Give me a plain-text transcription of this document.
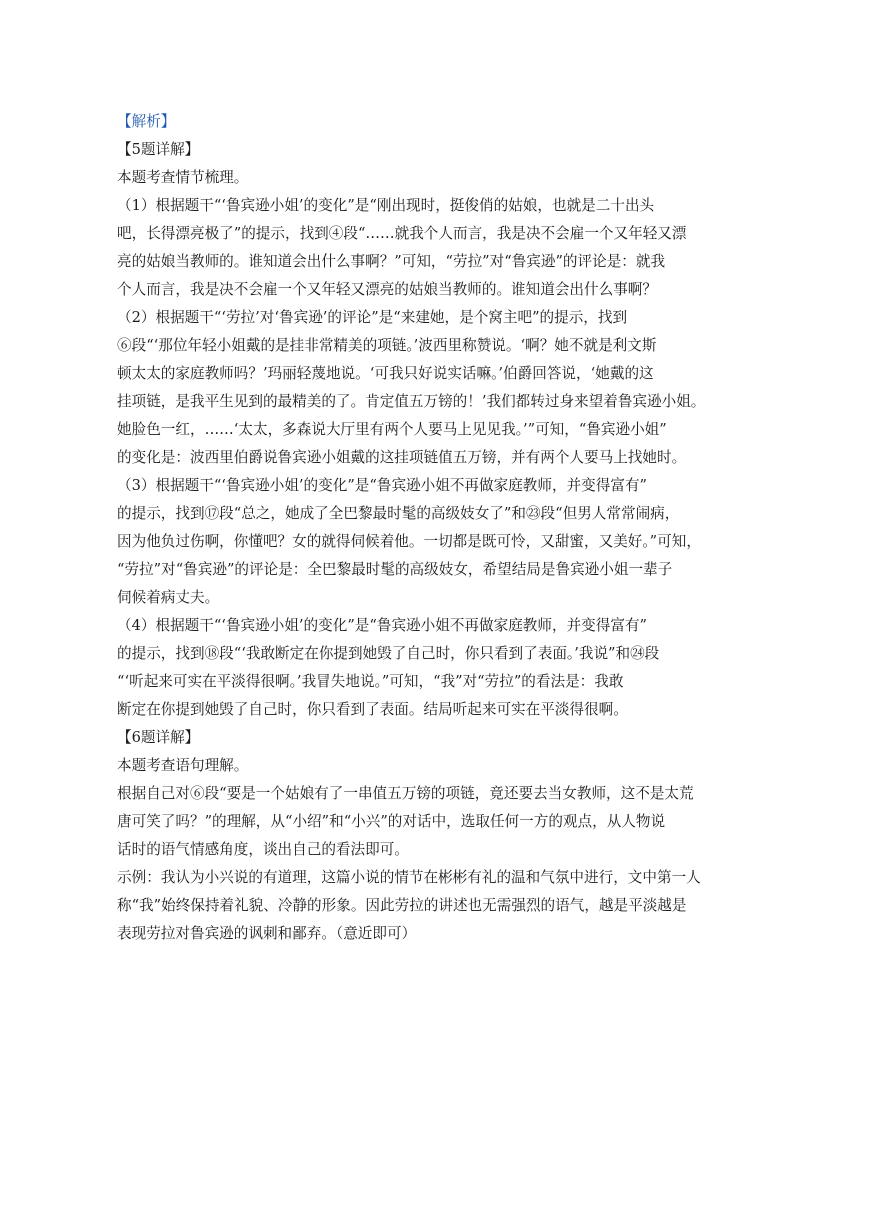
【解析】

【5题详解】

本题考查情节梳理。

（1）根据题干“‘鲁宾逊小姐’的变化”是“刚出现时，挺俊俏的姑娘，也就是二十出头

吧，长得漂亮极了”的提示，找到④段“……就我个人而言，我是决不会雇一个又年轻又漂

亮的姑娘当教师的。谁知道会出什么事啊？”可知，“劳拉”对“鲁宾逊”的评论是：就我

个人而言，我是决不会雇一个又年轻又漂亮的姑娘当教师的。谁知道会出什么事啊？

（2）根据题干“‘劳拉’对‘鲁宾逊’的评论”是“来建她，是个窝主吧”的提示，找到

⑥段“‘那位年轻小姐戴的是挂非常精美的项链。’波西里称赞说。‘啊？她不就是利文斯

顿太太的家庭教师吗？’玛丽轻蔑地说。‘可我只好说实话嘛。’伯爵回答说，‘她戴的这

挂项链，是我平生见到的最精美的了。肯定值五万镑的！’我们都转过身来望着鲁宾逊小姐。

她脸色一红，……‘太太，多森说大厅里有两个人要马上见见我。’”可知，“鲁宾逊小姐”

的变化是：波西里伯爵说鲁宾逊小姐戴的这挂项链值五万镑，并有两个人要马上找她时。

（3）根据题干“‘鲁宾逊小姐’的变化”是“鲁宾逊小姐不再做家庭教师，并变得富有”

的提示，找到⑰段“总之，她成了全巴黎最时髦的高级妓女了”和㉓段“但男人常常闹病，

因为他负过伤啊，你懂吧？女的就得伺候着他。一切都是既可怜，又甜蜜，又美好。”可知，

“劳拉”对“鲁宾逊”的评论是：全巴黎最时髦的高级妓女，希望结局是鲁宾逊小姐一辈子

伺候着病丈夫。

（4）根据题干“‘鲁宾逊小姐’的变化”是“鲁宾逊小姐不再做家庭教师，并变得富有”

的提示，找到⑱段“‘我敢断定在你提到她毁了自己时，你只看到了表面。’我说”和㉔段

“‘听起来可实在平淡得很啊。’我冒失地说。”可知，“我”对“劳拉”的看法是：我敢

断定在你提到她毁了自己时，你只看到了表面。结局听起来可实在平淡得很啊。

【6题详解】

本题考查语句理解。

根据自己对⑥段“要是一个姑娘有了一串值五万镑的项链，竟还要去当女教师，这不是太荒

唐可笑了吗？”的理解，从“小绍”和“小兴”的对话中，选取任何一方的观点，从人物说

话时的语气情感角度，谈出自己的看法即可。

示例：我认为小兴说的有道理，这篇小说的情节在彬彬有礼的温和气氛中进行，文中第一人

称“我”始终保持着礼貌、冷静的形象。因此劳拉的讲述也无需强烈的语气，越是平淡越是

表现劳拉对鲁宾逊的讽刺和鄙弃。（意近即可）
